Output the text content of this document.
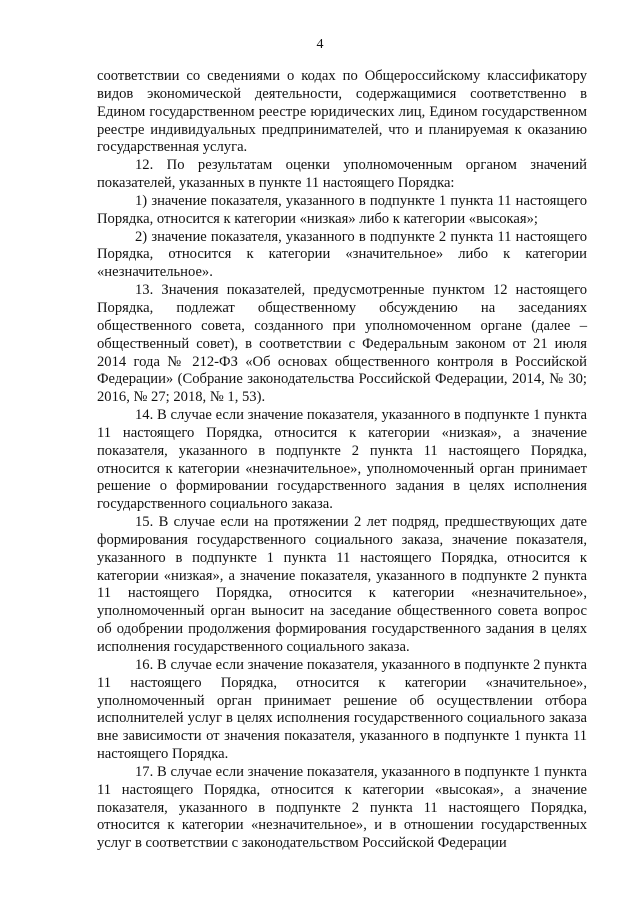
4

соответствии со сведениями о кодах по Общероссийскому классификатору видов экономической деятельности, содержащимися соответственно в Едином государственном реестре юридических лиц, Едином государственном реестре индивидуальных предпринимателей, что и планируемая к оказанию государственная услуга.

12. По результатам оценки уполномоченным органом значений показателей, указанных в пункте 11 настоящего Порядка:

1) значение показателя, указанного в подпункте 1 пункта 11 настоящего Порядка, относится к категории «низкая» либо к категории «высокая»;

2) значение показателя, указанного в подпункте 2 пункта 11 настоящего Порядка, относится к категории «значительное» либо к категории «незначительное».

13. Значения показателей, предусмотренные пунктом 12 настоящего Порядка, подлежат общественному обсуждению на заседаниях общественного совета, созданного при уполномоченном органе (далее – общественный совет), в соответствии с Федеральным законом от 21 июля 2014 года № 212-ФЗ «Об основах общественного контроля в Российской Федерации» (Собрание законодательства Российской Федерации, 2014, № 30; 2016, № 27; 2018, № 1, 53).

14. В случае если значение показателя, указанного в подпункте 1 пункта 11 настоящего Порядка, относится к категории «низкая», а значение показателя, указанного в подпункте 2 пункта 11 настоящего Порядка, относится к категории «незначительное», уполномоченный орган принимает решение о формировании государственного задания в целях исполнения государственного социального заказа.

15. В случае если на протяжении 2 лет подряд, предшествующих дате формирования государственного социального заказа, значение показателя, указанного в подпункте 1 пункта 11 настоящего Порядка, относится к категории «низкая», а значение показателя, указанного в подпункте 2 пункта 11 настоящего Порядка, относится к категории «незначительное», уполномоченный орган выносит на заседание общественного совета вопрос об одобрении продолжения формирования государственного задания в целях исполнения государственного социального заказа.

16. В случае если значение показателя, указанного в подпункте 2 пункта 11 настоящего Порядка, относится к категории «значительное», уполномоченный орган принимает решение об осуществлении отбора исполнителей услуг в целях исполнения государственного социального заказа вне зависимости от значения показателя, указанного в подпункте 1 пункта 11 настоящего Порядка.

17. В случае если значение показателя, указанного в подпункте 1 пункта 11 настоящего Порядка, относится к категории «высокая», а значение показателя, указанного в подпункте 2 пункта 11 настоящего Порядка, относится к категории «незначительное», и в отношении государственных услуг в соответствии с законодательством Российской Федерации
